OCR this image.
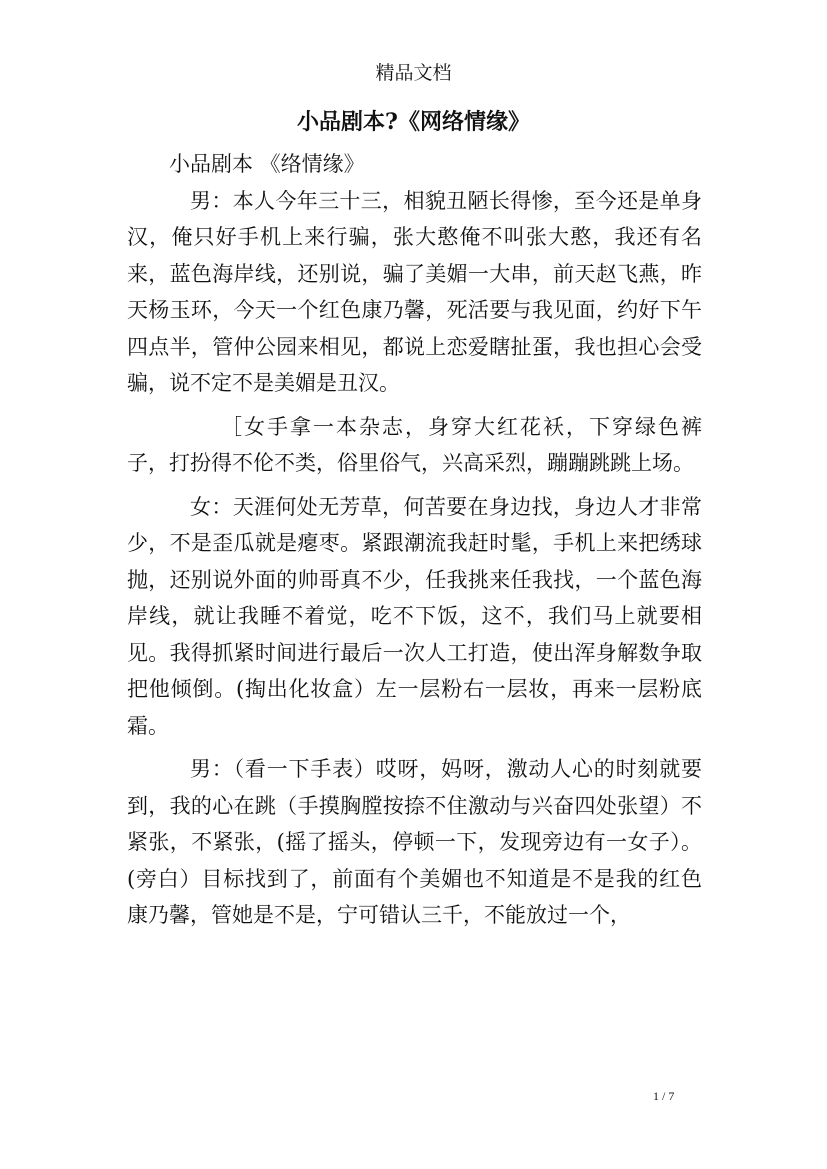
精品文档
小品剧本?《网络情缘》

小品剧本 《络情缘》

男：本人今年三十三，相貌丑陋长得惨，至今还是单身汉，俺只好手机上来行骗，张大憨俺不叫张大憨，我还有名来，蓝色海岸线，还别说，骗了美媚一大串，前天赵飞燕，昨天杨玉环，今天一个红色康乃馨，死活要与我见面，约好下午四点半，管仲公园来相见，都说上恋爱瞎扯蛋，我也担心会受骗，说不定不是美媚是丑汉。

［女手拿一本杂志，身穿大红花袄，下穿绿色裤子，打扮得不伦不类，俗里俗气，兴高采烈，蹦蹦跳跳上场。

女：天涯何处无芳草，何苦要在身边找，身边人才非常少，不是歪瓜就是瘪枣。紧跟潮流我赶时髦，手机上来把绣球抛，还别说外面的帅哥真不少，任我挑来任我找，一个蓝色海岸线，就让我睡不着觉，吃不下饭，这不，我们马上就要相见。我得抓紧时间进行最后一次人工打造，使出浑身解数争取把他倾倒。(掏出化妆盒）左一层粉右一层妆，再来一层粉底霜。

男：（看一下手表）哎呀，妈呀，激动人心的时刻就要到，我的心在跳（手摸胸膛按捺不住激动与兴奋四处张望）不紧张，不紧张，(摇了摇头，停顿一下，发现旁边有一女子）。(旁白）目标找到了，前面有个美媚也不知道是不是我的红色康乃馨，管她是不是，宁可错认三千，不能放过一个，

1 / 7
